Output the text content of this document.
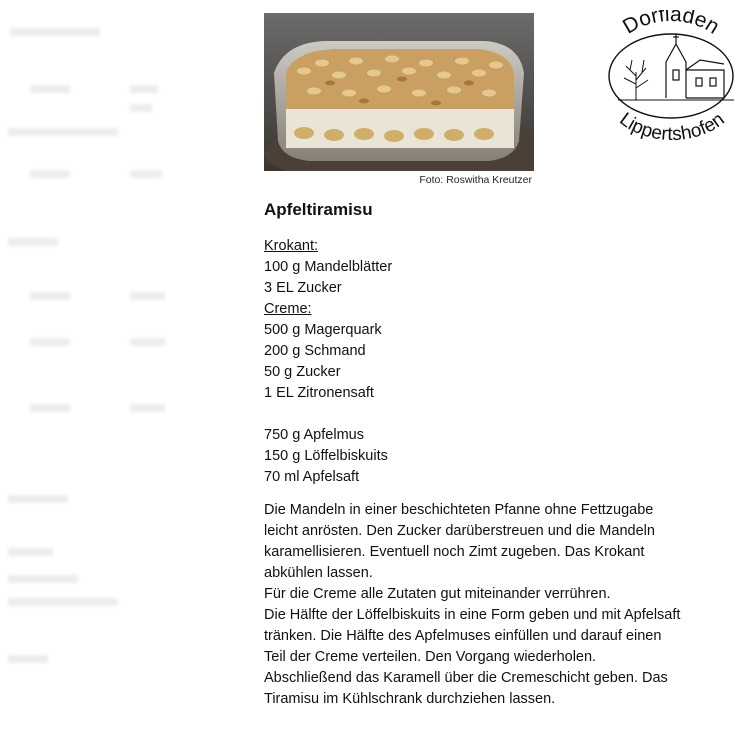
Foto: Roswitha Kreutzer
Dorfladen
Lippertshofen
Apfeltiramisu
Krokant:
100 g Mandelblätter
3 EL Zucker
Creme:
500 g Magerquark
200 g Schmand
50 g Zucker
1 EL Zitronensaft
750 g Apfelmus
150 g Löffelbiskuits
70 ml Apfelsaft
Die Mandeln in einer beschichteten Pfanne ohne Fettzugabe
leicht anrösten. Den Zucker darüberstreuen und die Mandeln
karamellisieren. Eventuell noch Zimt zugeben. Das Krokant
abkühlen lassen.
Für die Creme alle Zutaten gut miteinander verrühren.
Die Hälfte der Löffelbiskuits in eine Form geben und mit Apfelsaft
tränken. Die Hälfte des Apfelmuses einfüllen und darauf einen
Teil der Creme verteilen. Den Vorgang wiederholen.
Abschließend das Karamell über die Cremeschicht geben. Das
Tiramisu im Kühlschrank durchziehen lassen.
